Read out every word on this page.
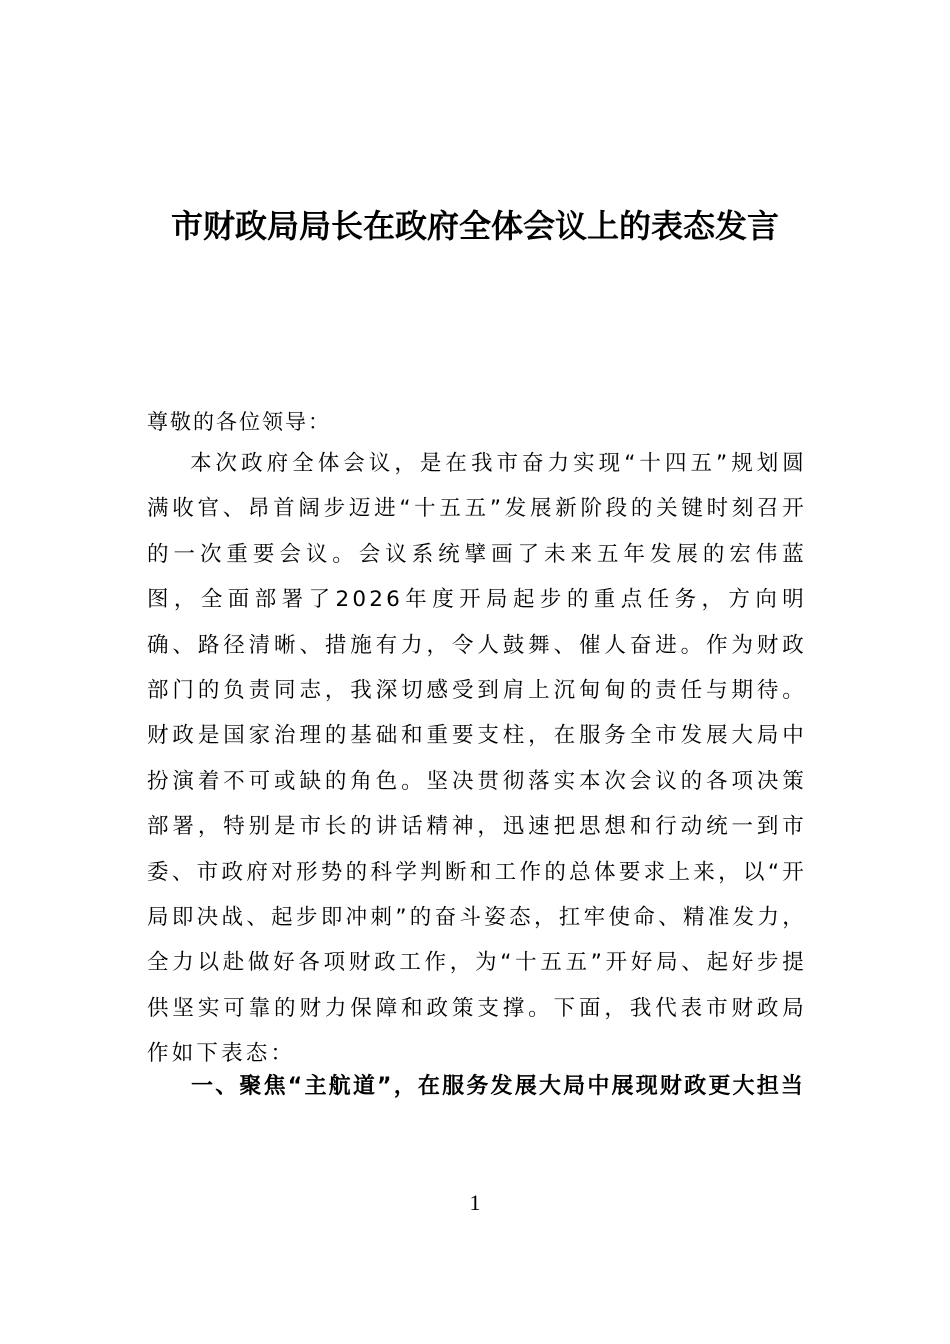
市财政局局长在政府全体会议上的表态发言

尊敬的各位领导：

本次政府全体会议，是在我市奋力实现“十四五”规划圆满收官、昂首阔步迈进“十五五”发展新阶段的关键时刻召开的一次重要会议。会议系统擘画了未来五年发展的宏伟蓝图，全面部署了2026年度开局起步的重点任务，方向明确、路径清晰、措施有力，令人鼓舞、催人奋进。作为财政部门的负责同志，我深切感受到肩上沉甸甸的责任与期待。财政是国家治理的基础和重要支柱，在服务全市发展大局中扮演着不可或缺的角色。坚决贯彻落实本次会议的各项决策部署，特别是市长的讲话精神，迅速把思想和行动统一到市委、市政府对形势的科学判断和工作的总体要求上来，以“开局即决战、起步即冲刺”的奋斗姿态，扛牢使命、精准发力，全力以赴做好各项财政工作，为“十五五”开好局、起好步提供坚实可靠的财力保障和政策支撑。下面，我代表市财政局作如下表态：

一、聚焦“主航道”，在服务发展大局中展现财政更大担当

1
